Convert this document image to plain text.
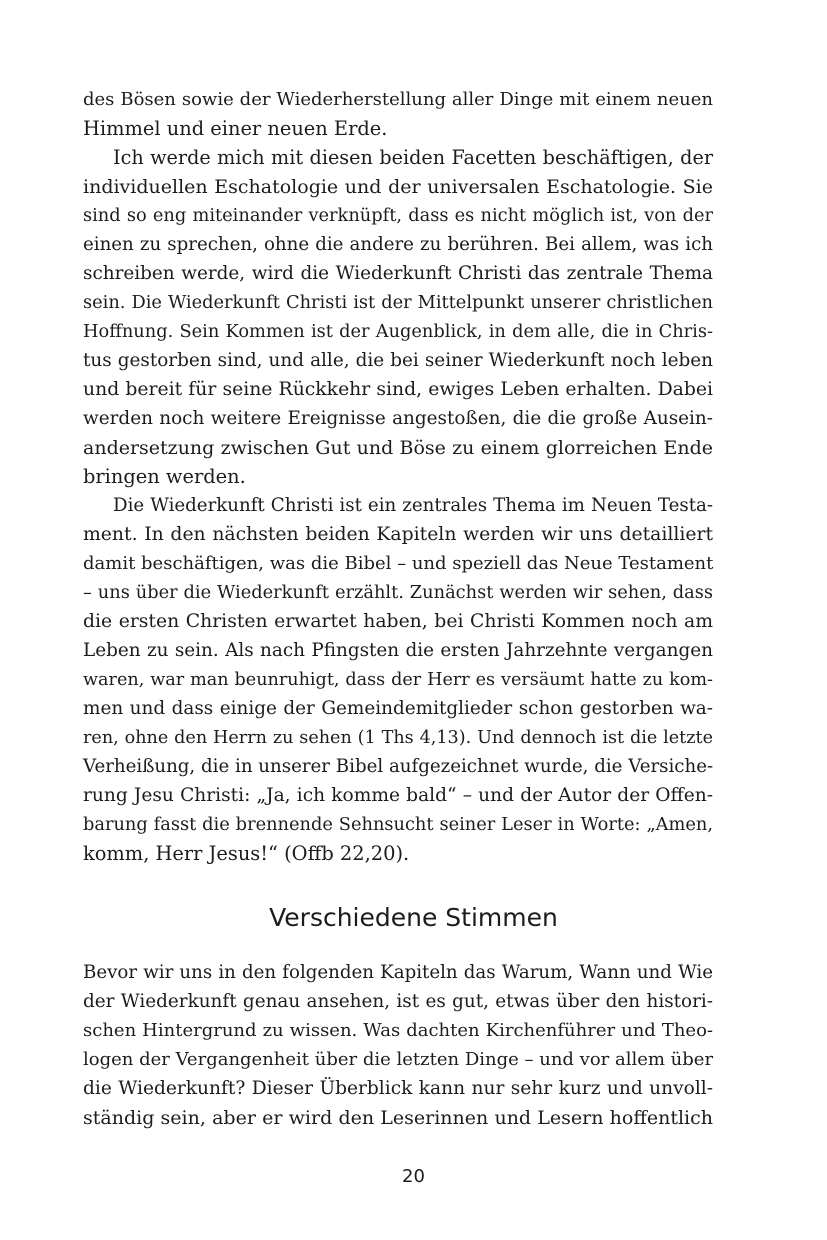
des Bösen sowie der Wiederherstellung aller Dinge mit einem neuen
Himmel und einer neuen Erde.
Ich werde mich mit diesen beiden Facetten beschäftigen, der
individuellen Eschatologie und der universalen Eschatologie. Sie
sind so eng miteinander verknüpft, dass es nicht möglich ist, von der
einen zu sprechen, ohne die andere zu berühren. Bei allem, was ich
schreiben werde, wird die Wiederkunft Christi das zentrale Thema
sein. Die Wiederkunft Christi ist der Mittelpunkt unserer christlichen
Hoffnung. Sein Kommen ist der Augenblick, in dem alle, die in Chris-
tus gestorben sind, und alle, die bei seiner Wiederkunft noch leben
und bereit für seine Rückkehr sind, ewiges Leben erhalten. Dabei
werden noch weitere Ereignisse angestoßen, die die große Ausein-
andersetzung zwischen Gut und Böse zu einem glorreichen Ende
bringen werden.
Die Wiederkunft Christi ist ein zentrales Thema im Neuen Testa-
ment. In den nächsten beiden Kapiteln werden wir uns detailliert
damit beschäftigen, was die Bibel – und speziell das Neue Testament
– uns über die Wiederkunft erzählt. Zunächst werden wir sehen, dass
die ersten Christen erwartet haben, bei Christi Kommen noch am
Leben zu sein. Als nach Pfingsten die ersten Jahrzehnte vergangen
waren, war man beunruhigt, dass der Herr es versäumt hatte zu kom-
men und dass einige der Gemeindemitglieder schon gestorben wa-
ren, ohne den Herrn zu sehen (1 Ths 4,13). Und dennoch ist die letzte
Verheißung, die in unserer Bibel aufgezeichnet wurde, die Versiche-
rung Jesu Christi: „Ja, ich komme bald“ – und der Autor der Offen-
barung fasst die brennende Sehnsucht seiner Leser in Worte: „Amen,
komm, Herr Jesus!“ (Offb 22,20).
Verschiedene Stimmen
Bevor wir uns in den folgenden Kapiteln das Warum, Wann und Wie
der Wiederkunft genau ansehen, ist es gut, etwas über den histori-
schen Hintergrund zu wissen. Was dachten Kirchenführer und Theo-
logen der Vergangenheit über die letzten Dinge – und vor allem über
die Wiederkunft? Dieser Überblick kann nur sehr kurz und unvoll-
ständig sein, aber er wird den Leserinnen und Lesern hoffentlich
20
